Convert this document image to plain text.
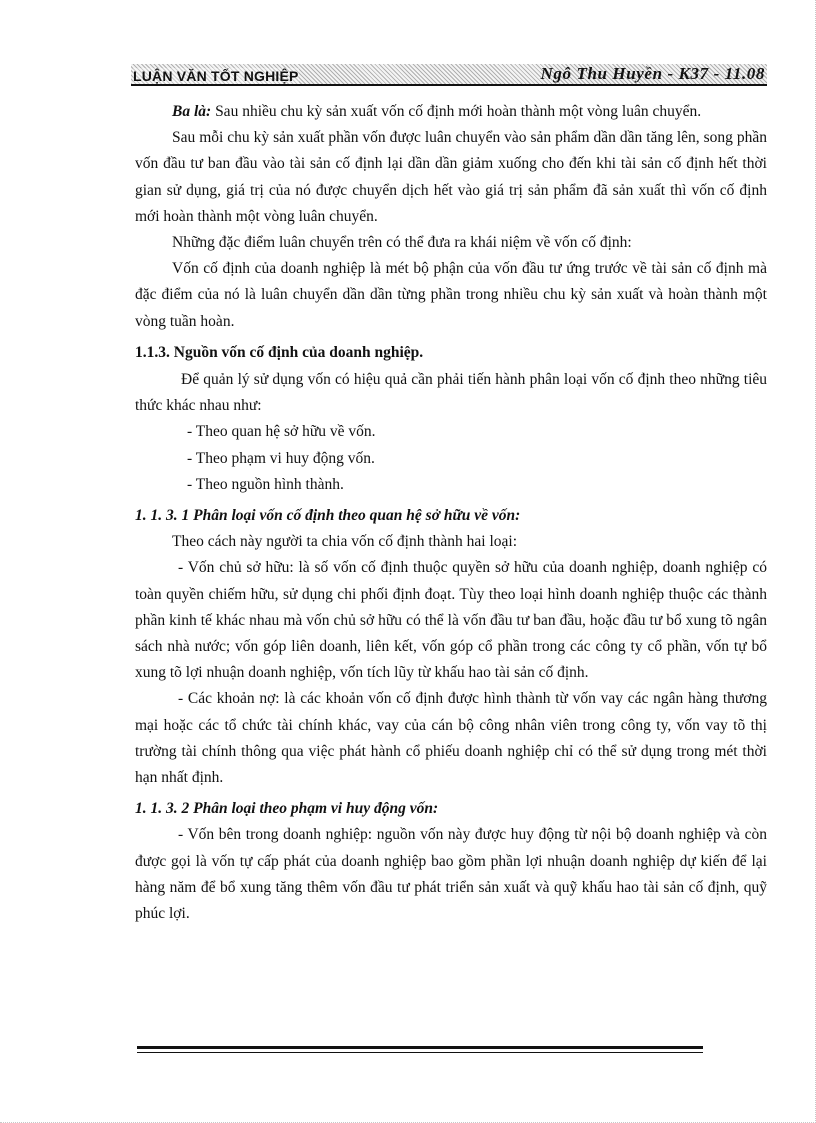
LUẬN VĂN TỐT NGHIỆP	Ngô Thu Huyền - K37 - 11.08

Ba là: Sau nhiều chu kỳ sản xuất vốn cố định mới hoàn thành một vòng luân chuyển.

Sau mỗi chu kỳ sản xuất phần vốn được luân chuyển vào sản phẩm dần dần tăng lên, song phần vốn đầu tư ban đầu vào tài sản cố định lại dần dần giảm xuống cho đến khi tài sản cố định hết thời gian sử dụng, giá trị của nó được chuyển dịch hết vào giá trị sản phẩm đã sản xuất thì vốn cố định mới hoàn thành một vòng luân chuyển.

Những đặc điểm luân chuyển trên có thể đưa ra khái niệm về vốn cố định:

Vốn cố định của doanh nghiệp là mét bộ phận của vốn đầu tư ứng trước về tài sản cố định mà đặc điểm của nó là luân chuyển dần dần từng phần trong nhiều chu kỳ sản xuất và hoàn thành một vòng tuần hoàn.

1.1.3. Nguồn vốn cố định của doanh nghiệp.

Để quản lý sử dụng vốn có hiệu quả cần phải tiến hành phân loại vốn cố định theo những tiêu thức khác nhau như:

- Theo quan hệ sở hữu về vốn.

- Theo phạm vi huy động vốn.

- Theo nguồn hình thành.

1. 1. 3. 1 Phân loại vốn cố định theo quan hệ sở hữu về vốn:

Theo cách này người ta chia vốn cố định thành hai loại:

- Vốn chủ sở hữu: là số vốn cố định thuộc quyền sở hữu của doanh nghiệp, doanh nghiệp có toàn quyền chiếm hữu, sử dụng chi phối định đoạt. Tùy theo loại hình doanh nghiệp thuộc các thành phần kinh tế khác nhau mà vốn chủ sở hữu có thể là vốn đầu tư ban đầu, hoặc đầu tư bổ xung tõ ngân sách nhà nước; vốn góp liên doanh, liên kết, vốn góp cổ phần trong các công ty cổ phần, vốn tự bổ xung tõ lợi nhuận doanh nghiệp, vốn tích lũy từ khấu hao tài sản cố định.

- Các khoản nợ: là các khoản vốn cố định được hình thành từ vốn vay các ngân hàng thương mại hoặc các tổ chức tài chính khác, vay của cán bộ công nhân viên trong công ty, vốn vay tõ thị trường tài chính thông qua việc phát hành cổ phiếu doanh nghiệp chỉ có thể sử dụng trong mét thời hạn nhất định.

1. 1. 3. 2 Phân loại theo phạm vi huy động vốn:

- Vốn bên trong doanh nghiệp: nguồn vốn này được huy động từ nội bộ doanh nghiệp và còn được gọi là vốn tự cấp phát của doanh nghiệp bao gồm phần lợi nhuận doanh nghiệp dự kiến để lại hàng năm để bổ xung tăng thêm vốn đầu tư phát triển sản xuất và quỹ khấu hao tài sản cố định, quỹ phúc lợi.
